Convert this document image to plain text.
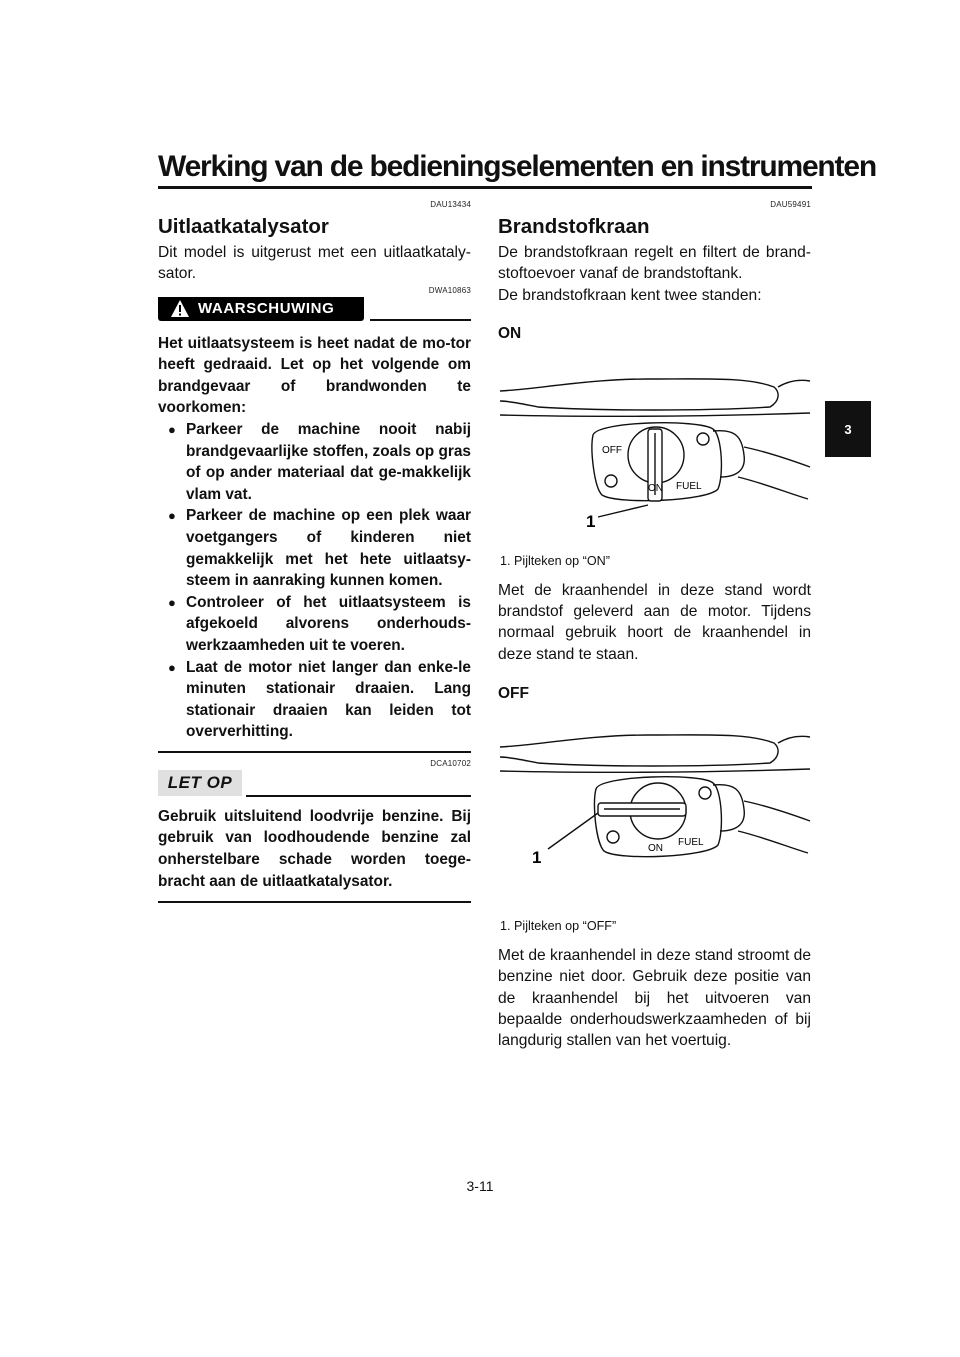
Werking van de bedieningselementen en instrumenten
3
DAU13434
Uitlaatkatalysator

Dit model is uitgerust met een uitlaatkataly-sator.

DWA10863
WAARSCHUWING
Het uitlaatsysteem is heet nadat de mo-tor heeft gedraaid. Let op het volgende om brandgevaar of brandwonden te voorkomen:
● Parkeer de machine nooit nabij brandgevaarlijke stoffen, zoals op gras of op ander materiaal dat ge-makkelijk vlam vat.
● Parkeer de machine op een plek waar voetgangers of kinderen niet gemakkelijk met het hete uitlaatsy-steem in aanraking kunnen komen.
● Controleer of het uitlaatsysteem is afgekoeld alvorens onderhouds-werkzaamheden uit te voeren.
● Laat de motor niet langer dan enke-le minuten stationair draaien. Lang stationair draaien kan leiden tot oververhitting.
DCA10702
LET OP
Gebruik uitsluitend loodvrije benzine. Bij gebruik van loodhoudende benzine zal onherstelbare schade worden toege-bracht aan de uitlaatkatalysator.
DAU59491
Brandstofkraan

De brandstofkraan regelt en filtert de brand-stoftoevoer vanaf de brandstoftank.

De brandstofkraan kent twee standen:

ON
OFF
ON FUEL
1
1. Pijlteken op “ON”

Met de kraanhendel in deze stand wordt brandstof geleverd aan de motor. Tijdens normaal gebruik hoort de kraanhendel in deze stand te staan.

OFF
ON
FUEL
1
1. Pijlteken op “OFF”

Met de kraanhendel in deze stand stroomt de benzine niet door. Gebruik deze positie van de kraanhendel bij het uitvoeren van bepaalde onderhoudswerkzaamheden of bij langdurig stallen van het voertuig.

3-11
